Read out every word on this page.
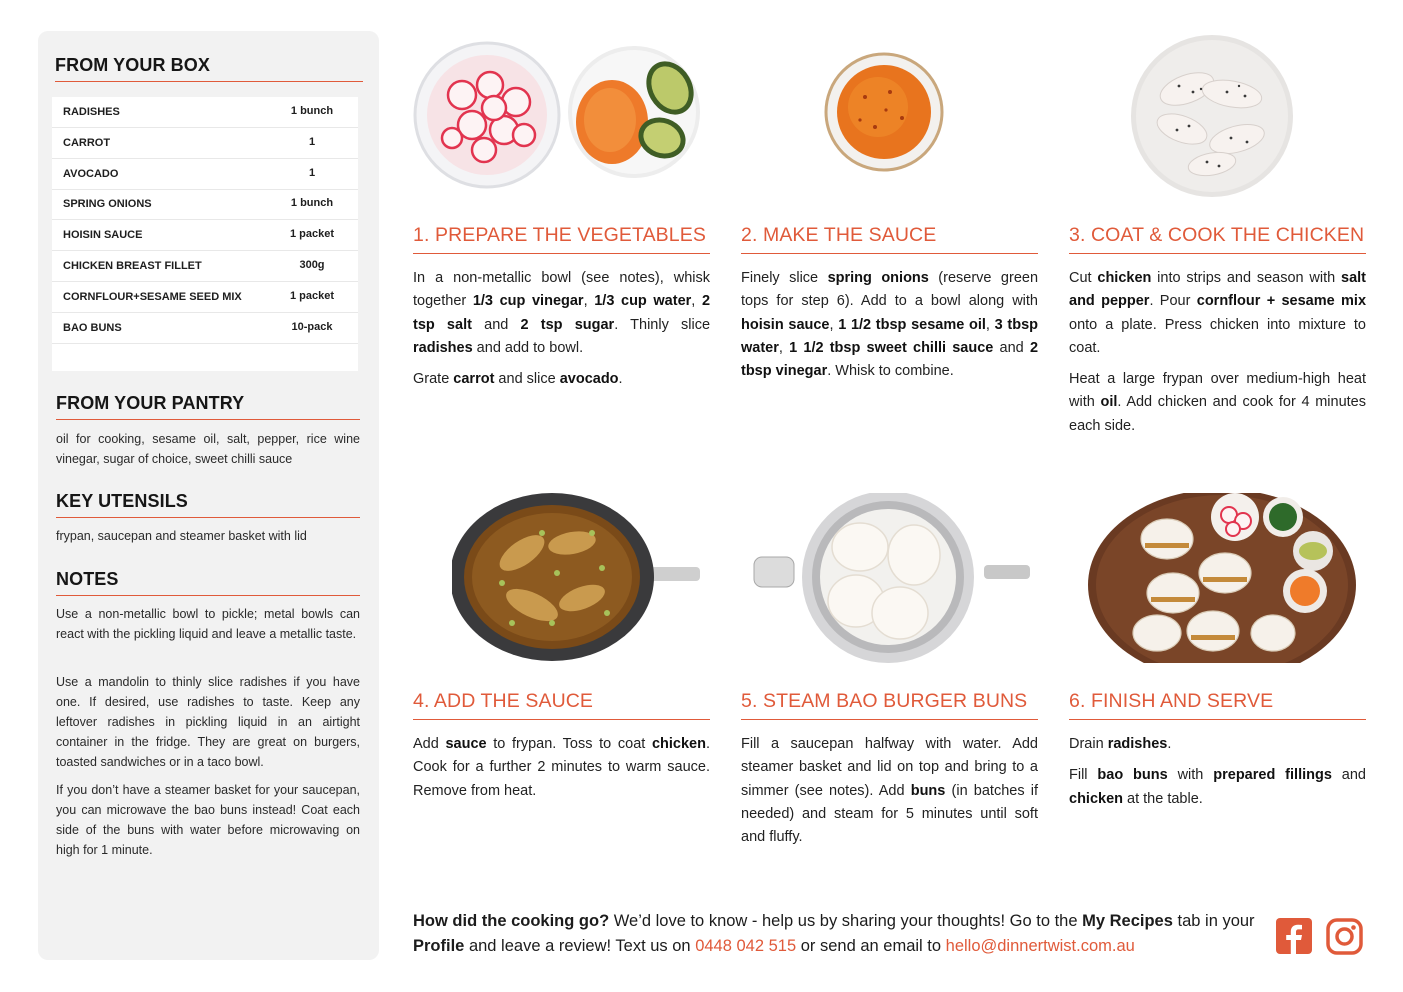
FROM YOUR BOX
RADISHES	1 bunch
CARROT	1
AVOCADO	1
SPRING ONIONS	1 bunch
HOISIN SAUCE	1 packet
CHICKEN BREAST FILLET	300g
CORNFLOUR+SESAME SEED MIX	1 packet
BAO BUNS	10-pack
FROM YOUR PANTRY
oil for cooking, sesame oil, salt, pepper, rice wine vinegar, sugar of choice, sweet chilli sauce
KEY UTENSILS
frypan, saucepan and steamer basket with lid
NOTES
Use a non-metallic bowl to pickle; metal bowls can react with the pickling liquid and leave a metallic taste.
Use a mandolin to thinly slice radishes if you have one. If desired, use radishes to taste. Keep any leftover radishes in pickling liquid in an airtight container in the fridge. They are great on burgers, toasted sandwiches or in a taco bowl.
If you don’t have a steamer basket for your saucepan, you can microwave the bao buns instead! Coat each side of the buns with water before microwaving on high for 1 minute.
1. PREPARE THE VEGETABLES

In a non-metallic bowl (see notes), whisk together 1/3 cup vinegar, 1/3 cup water, 2 tsp salt and 2 tsp sugar. Thinly slice radishes and add to bowl.

Grate carrot and slice avocado.

2. MAKE THE SAUCE

Finely slice spring onions (reserve green tops for step 6). Add to a bowl along with hoisin sauce, 1 1/2 tbsp sesame oil, 3 tbsp water, 1 1/2 tbsp sweet chilli sauce and 2 tbsp vinegar. Whisk to combine.

3. COAT & COOK THE CHICKEN

Cut chicken into strips and season with salt and pepper. Pour cornflour + sesame mix onto a plate. Press chicken into mixture to coat.

Heat a large frypan over medium-high heat with oil. Add chicken and cook for 4 minutes each side.

4. ADD THE SAUCE

Add sauce to frypan. Toss to coat chicken. Cook for a further 2 minutes to warm sauce. Remove from heat.

5. STEAM BAO BURGER BUNS

Fill a saucepan halfway with water. Add steamer basket and lid on top and bring to a simmer (see notes). Add buns (in batches if needed) and steam for 5 minutes until soft and fluffy.

6. FINISH AND SERVE

Drain radishes.

Fill bao buns with prepared fillings and chicken at the table.

How did the cooking go? We’d love to know - help us by sharing your thoughts! Go to the My Recipes tab in your Profile and leave a review! Text us on 0448 042 515 or send an email to hello@dinnertwist.com.au
